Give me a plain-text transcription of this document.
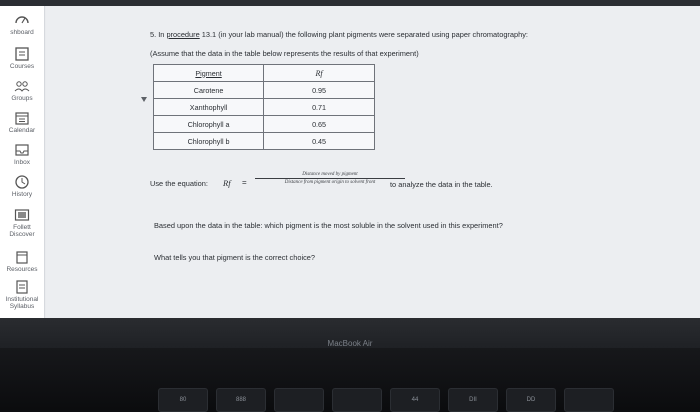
shboard
Courses
Groups
Calendar
Inbox
History
Follett
Discover
Resources
Institutional
Syllabus
5. In procedure 13.1 (in your lab manual) the following plant pigments were separated using paper chromatography:
(Assume that the data in the table below represents the results of that experiment)
Pigment	Rf
Carotene	0.95
Xanthophyll	0.71
Chlorophyll a	0.65
Chlorophyll b	0.45
Use the equation: Rf =
Distance moved by pigment
Distance from pigment origin to solvent front	to analyze the data in the table.
Based upon the data in the table: which pigment is the most soluble in the solvent used in this experiment?
What tells you that pigment is the correct choice?
MacBook Air
80	888	44	DII	DD
